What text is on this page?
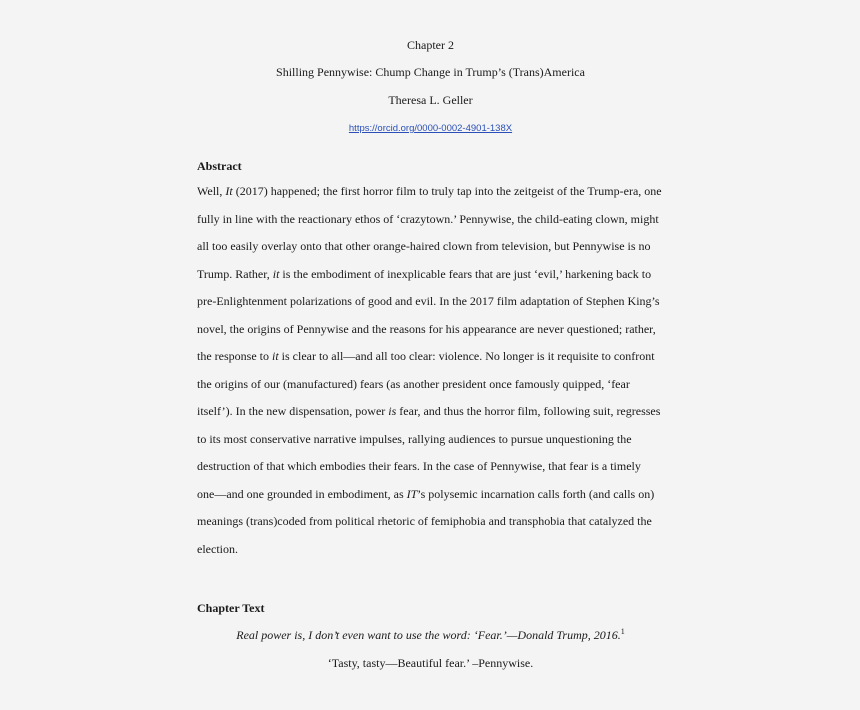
Chapter 2
Shilling Pennywise: Chump Change in Trump’s (Trans)America
Theresa L. Geller
https://orcid.org/0000-0002-4901-138X
Abstract
Well, It (2017) happened; the first horror film to truly tap into the zeitgeist of the Trump-era, one
fully in line with the reactionary ethos of ‘crazytown.’ Pennywise, the child-eating clown, might
all too easily overlay onto that other orange-haired clown from television, but Pennywise is no
Trump. Rather, it is the embodiment of inexplicable fears that are just ‘evil,’ harkening back to
pre-Enlightenment polarizations of good and evil. In the 2017 film adaptation of Stephen King’s
novel, the origins of Pennywise and the reasons for his appearance are never questioned; rather,
the response to it is clear to all—and all too clear: violence. No longer is it requisite to confront
the origins of our (manufactured) fears (as another president once famously quipped, ‘fear
itself’). In the new dispensation, power is fear, and thus the horror film, following suit, regresses
to its most conservative narrative impulses, rallying audiences to pursue unquestioning the
destruction of that which embodies their fears. In the case of Pennywise, that fear is a timely
one—and one grounded in embodiment, as IT’s polysemic incarnation calls forth (and calls on)
meanings (trans)coded from political rhetoric of femiphobia and transphobia that catalyzed the
election.
Chapter Text
Real power is, I don’t even want to use the word: ‘Fear.’—Donald Trump, 2016.$^1$
‘Tasty, tasty—Beautiful fear.’ –Pennywise.
